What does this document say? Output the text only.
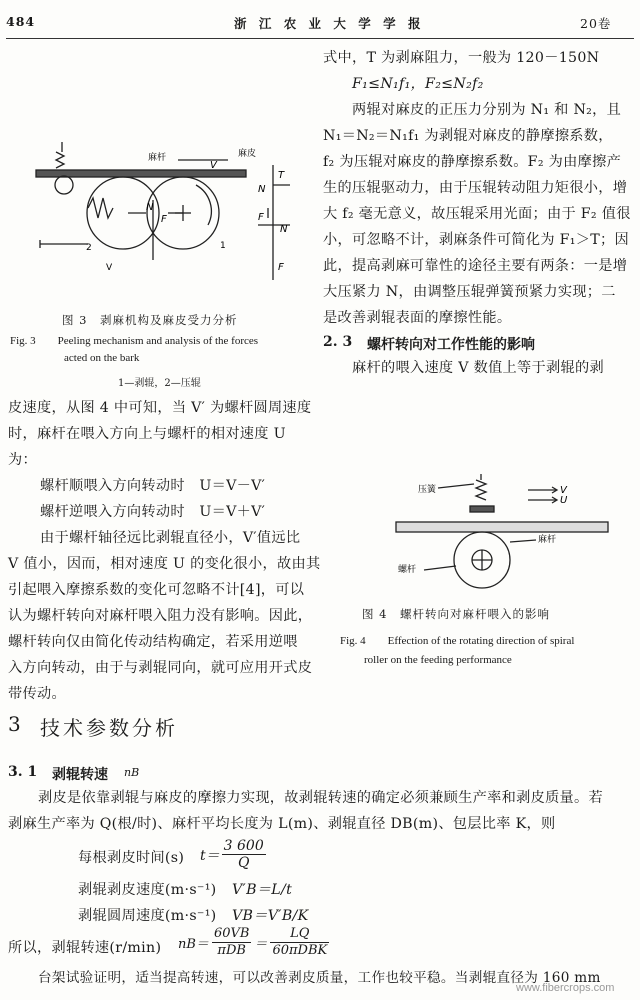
484	浙 江 农 业 大 学 学 报	20卷
麻杆	麻皮
1
2
V
V
N
F
T
N
F
N
F
图 3　剥麻机构及麻皮受力分析
Fig. 3　　Peeling mechanism and analysis of the forces
acted on the bark
1—剥辊，2—压辊
式中，T 为剥麻阻力，一般为 120－150N
F₁≤N₁f₁，F₂≤N₂f₂
两辊对麻皮的正压力分别为 N₁ 和 N₂，且
N₁＝N₂＝N₁f₁ 为剥辊对麻皮的静摩擦系数，
f₂ 为压辊对麻皮的静摩擦系数。F₂ 为由摩擦产
生的压辊驱动力，由于压辊转动阻力矩很小，增
大 f₂ 毫无意义，故压辊采用光面；由于 F₂ 值很
小，可忽略不计，剥麻条件可简化为 F₁＞T；因
此，提高剥麻可靠性的途径主要有两条：一是增
大压紧力 N，由调整压辊弹簧预紧力实现；二
是改善剥辊表面的摩擦性能。
2. 3 螺杆转向对工作性能的影响
麻杆的喂入速度 V 数值上等于剥辊的剥
压簧
麻杆
螺杆
V
U
图 4　螺杆转向对麻杆喂入的影响
Fig. 4　　Effection of the rotating direction of spiral
roller on the feeding performance
皮速度，从图 4 中可知，当 V′ 为螺杆圆周速度
时，麻杆在喂入方向上与螺杆的相对速度 U
为：
螺杆顺喂入方向转动时　U＝V－V′
螺杆逆喂入方向转动时　U＝V＋V′
由于螺杆轴径远比剥辊直径小，V′值远比
V 值小，因而，相对速度 U 的变化很小，故由其
引起喂入摩擦系数的变化可忽略不计[4]，可以
认为螺杆转向对麻杆喂入阻力没有影响。因此，
螺杆转向仅由简化传动结构确定，若采用逆喂
入方向转动，由于与剥辊同向，就可应用开式皮
带传动。
3 技术参数分析
3. 1 剥辊转速 nB
剥皮是依靠剥辊与麻皮的摩擦力实现，故剥辊转速的确定必须兼顾生产率和剥皮质量。若
剥麻生产率为 Q(根/时)、麻杆平均长度为 L(m)、剥辊直径 DB(m)、包层比率 K，则
每根剥皮时间(s) $t= \frac{3 600}{Q}$
剥辊剥皮速度(m·s⁻¹) V′B＝L/t
剥辊圆周速度(m·s⁻¹) VB＝V′B/K
所以，剥辊转速(r/min) $nB= \frac{60VB}{\text{πDB}} = \frac{LQ}{\text{60πDBK}}$
台架试验证明，适当提高转速，可以改善剥皮质量，工作也较平稳。当剥辊直径为 160 mm
www.fibercrops.com
